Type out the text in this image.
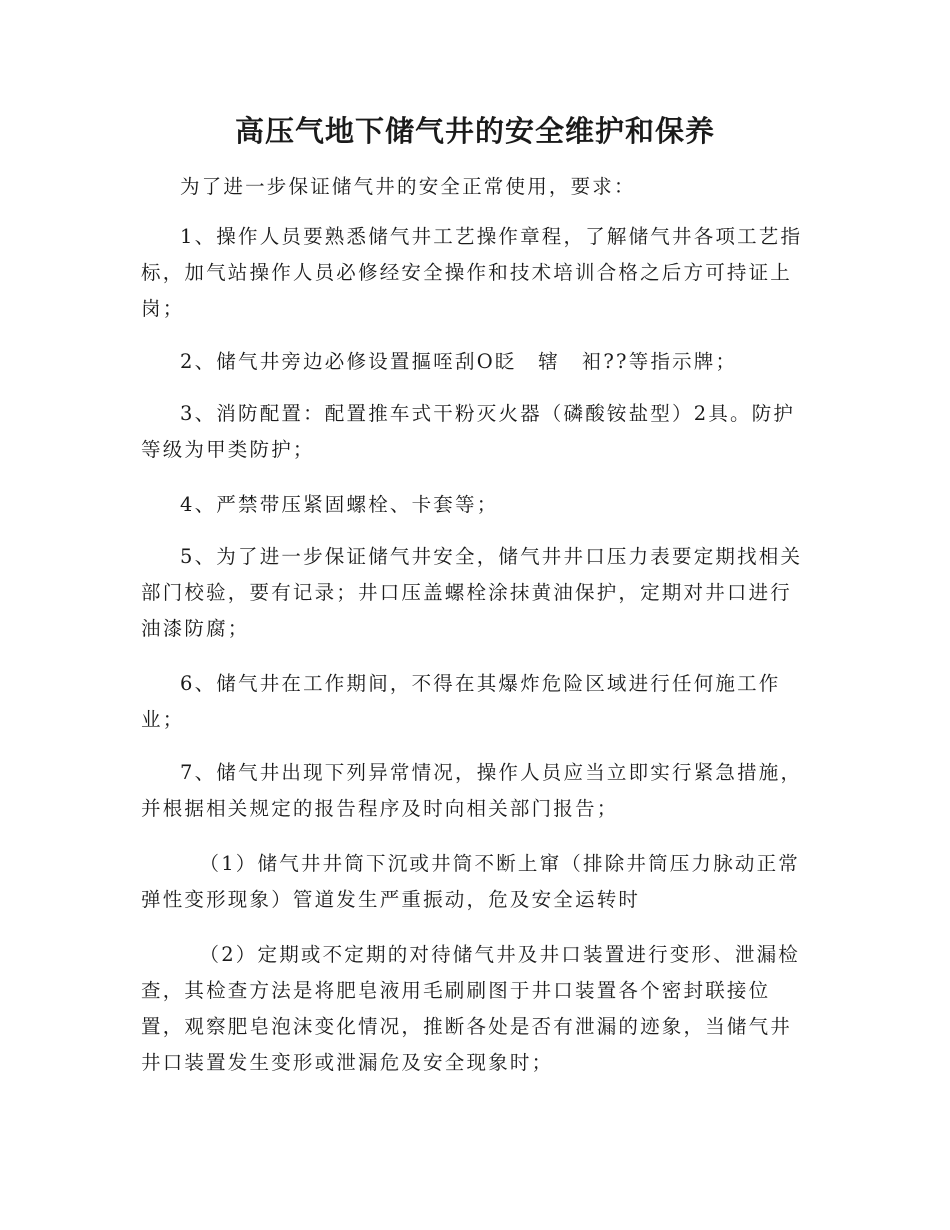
高压气地下储气井的安全维护和保养

为了进一步保证储气井的安全正常使用，要求：

1、操作人员要熟悉储气井工艺操作章程，了解储气井各项工艺指标，加气站操作人员必修经安全操作和技术培训合格之后方可持证上岗；

2、储气井旁边必修设置摳咥刮O眨　辖　衵??等指示牌；

3、消防配置：配置推车式干粉灭火器（磷酸铵盐型）2具。防护等级为甲类防护；

4、严禁带压紧固螺栓、卡套等；

5、为了进一步保证储气井安全，储气井井口压力表要定期找相关部门校验，要有记录；井口压盖螺栓涂抹黄油保护，定期对井口进行油漆防腐；

6、储气井在工作期间，不得在其爆炸危险区域进行任何施工作业；

7、储气井出现下列异常情况，操作人员应当立即实行紧急措施，并根据相关规定的报告程序及时向相关部门报告；

（1）储气井井筒下沉或井筒不断上窜（排除井筒压力脉动正常弹性变形现象）管道发生严重振动，危及安全运转时

（2）定期或不定期的对待储气井及井口装置进行变形、泄漏检查，其检查方法是将肥皂液用毛刷刷图于井口装置各个密封联接位置，观察肥皂泡沫变化情况，推断各处是否有泄漏的迹象，当储气井井口装置发生变形或泄漏危及安全现象时；
